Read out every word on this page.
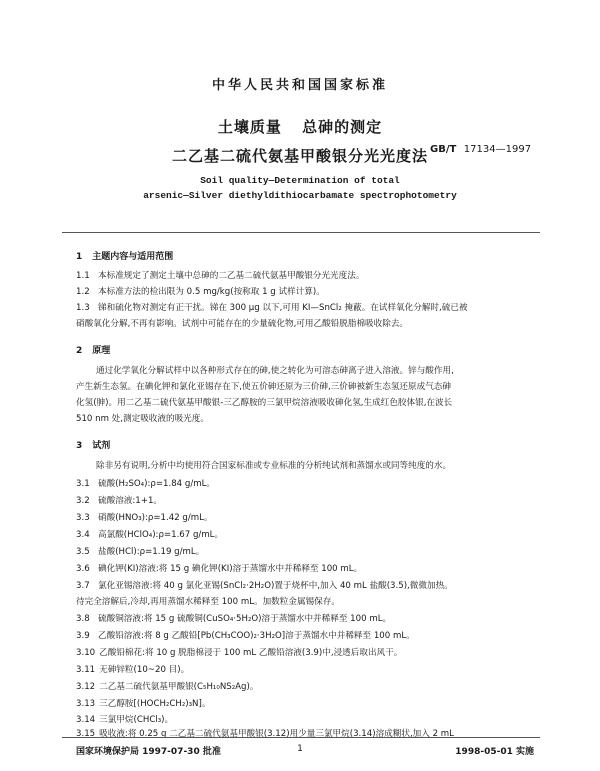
中华人民共和国国家标准
土壤质量 总砷的测定
二乙基二硫代氨基甲酸银分光光度法 GB/T 17134—1997
Soil quality—Determination of total
arsenic—Silver diethyldithiocarbamate spectrophotometry
1 主题内容与适用范围
1.1 本标准规定了测定土壤中总砷的二乙基二硫代氨基甲酸银分光光度法。
1.2 本标准方法的检出限为 0.5 mg/kg(按称取 1 g 试样计算)。
1.3 锑和硫化物对测定有正干扰。锑在 300 μg 以下,可用 KI—SnCl₂ 掩蔽。在试样氧化分解时,硫已被
硝酸氧化分解,不再有影响。试剂中可能存在的少量硫化物,可用乙酸铅脱脂棉吸收除去。
2 原理
通过化学氧化分解试样中以各种形式存在的砷,使之转化为可溶态砷离子进入溶液。锌与酸作用,
产生新生态氢。在碘化钾和氯化亚锡存在下,使五价砷还原为三价砷,三价砷被新生态氢还原成气态砷
化氢(胂)。用二乙基二硫代氨基甲酸银-三乙醇胺的三氯甲烷溶液吸收砷化氢,生成红色胶体银,在波长
510 nm 处,测定吸收液的吸光度。
3 试剂
除非另有说明,分析中均使用符合国家标准或专业标准的分析纯试剂和蒸馏水或同等纯度的水。
3.1 硫酸(H₂SO₄):ρ=1.84 g/mL。
3.2 硫酸溶液:1+1。
3.3 硝酸(HNO₃):ρ=1.42 g/mL。
3.4 高氯酸(HClO₄):ρ=1.67 g/mL。
3.5 盐酸(HCl):ρ=1.19 g/mL。
3.6 碘化钾(KI)溶液:将 15 g 碘化钾(KI)溶于蒸馏水中并稀释至 100 mL。
3.7 氯化亚锡溶液:将 40 g 氯化亚锡(SnCl₂·2H₂O)置于烧杯中,加入 40 mL 盐酸(3.5),微微加热。
待完全溶解后,冷却,再用蒸馏水稀释至 100 mL。加数粒金属锡保存。
3.8 硫酸铜溶液:将 15 g 硫酸铜(CuSO₄·5H₂O)溶于蒸馏水中并稀释至 100 mL。
3.9 乙酸铅溶液:将 8 g 乙酸铅[Pb(CH₃COO)₂·3H₂O]溶于蒸馏水中并稀释至 100 mL。
3.10 乙酸铅棉花:将 10 g 脱脂棉浸于 100 mL 乙酸铅溶液(3.9)中,浸透后取出风干。
3.11 无砷锌粒(10~20 目)。
3.12 二乙基二硫代氨基甲酸银(C₅H₁₀NS₂Ag)。
3.13 三乙醇胺[(HOCH₂CH₂)₃N]。
3.14 三氯甲烷(CHCl₃)。
3.15 吸收液:将 0.25 g 二乙基二硫代氨基甲酸银(3.12)用少量三氯甲烷(3.14)溶成糊状,加入 2 mL
国家环境保护局 1997-07-30 批准	1	1998-05-01 实施
